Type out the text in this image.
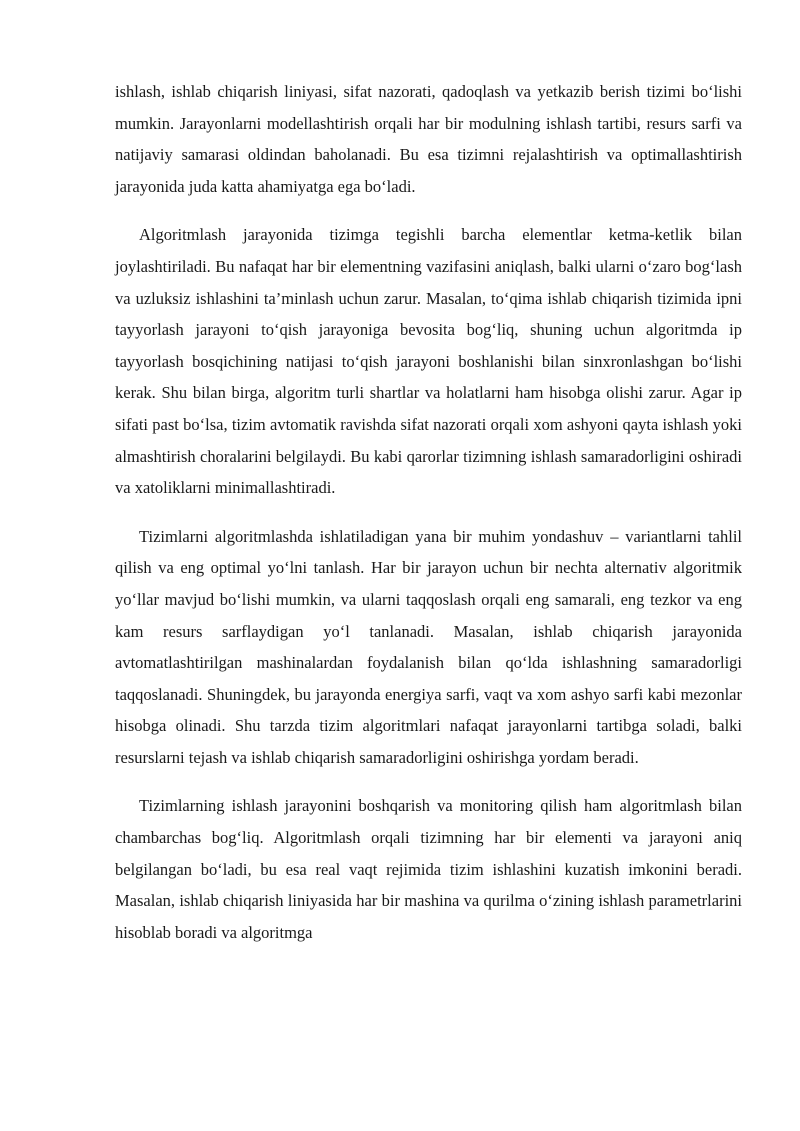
ishlash, ishlab chiqarish liniyasi, sifat nazorati, qadoqlash va yetkazib berish tizimi bo‘lishi mumkin. Jarayonlarni modellashtirish orqali har bir modulning ishlash tartibi, resurs sarfi va natijaviy samarasi oldindan baholanadi. Bu esa tizimni rejalashtirish va optimallashtirish jarayonida juda katta ahamiyatga ega bo‘ladi.

Algoritmlash jarayonida tizimga tegishli barcha elementlar ketma-ketlik bilan joylashtiriladi. Bu nafaqat har bir elementning vazifasini aniqlash, balki ularni o‘zaro bog‘lash va uzluksiz ishlashini ta’minlash uchun zarur. Masalan, to‘qima ishlab chiqarish tizimida ipni tayyorlash jarayoni to‘qish jarayoniga bevosita bog‘liq, shuning uchun algoritmda ip tayyorlash bosqichining natijasi to‘qish jarayoni boshlanishi bilan sinxronlashgan bo‘lishi kerak. Shu bilan birga, algoritm turli shartlar va holatlarni ham hisobga olishi zarur. Agar ip sifati past bo‘lsa, tizim avtomatik ravishda sifat nazorati orqali xom ashyoni qayta ishlash yoki almashtirish choralarini belgilaydi. Bu kabi qarorlar tizimning ishlash samaradorligini oshiradi va xatoliklarni minimallashtiradi.

Tizimlarni algoritmlashda ishlatiladigan yana bir muhim yondashuv – variantlarni tahlil qilish va eng optimal yo‘lni tanlash. Har bir jarayon uchun bir nechta alternativ algoritmik yo‘llar mavjud bo‘lishi mumkin, va ularni taqqoslash orqali eng samarali, eng tezkor va eng kam resurs sarflaydigan yo‘l tanlanadi. Masalan, ishlab chiqarish jarayonida avtomatlashtirilgan mashinalardan foydalanish bilan qo‘lda ishlashning samaradorligi taqqoslanadi. Shuningdek, bu jarayonda energiya sarfi, vaqt va xom ashyo sarfi kabi mezonlar hisobga olinadi. Shu tarzda tizim algoritmlari nafaqat jarayonlarni tartibga soladi, balki resurslarni tejash va ishlab chiqarish samaradorligini oshirishga yordam beradi.

Tizimlarning ishlash jarayonini boshqarish va monitoring qilish ham algoritmlash bilan chambarchas bog‘liq. Algoritmlash orqali tizimning har bir elementi va jarayoni aniq belgilangan bo‘ladi, bu esa real vaqt rejimida tizim ishlashini kuzatish imkonini beradi. Masalan, ishlab chiqarish liniyasida har bir mashina va qurilma o‘zining ishlash parametrlarini hisoblab boradi va algoritmga
